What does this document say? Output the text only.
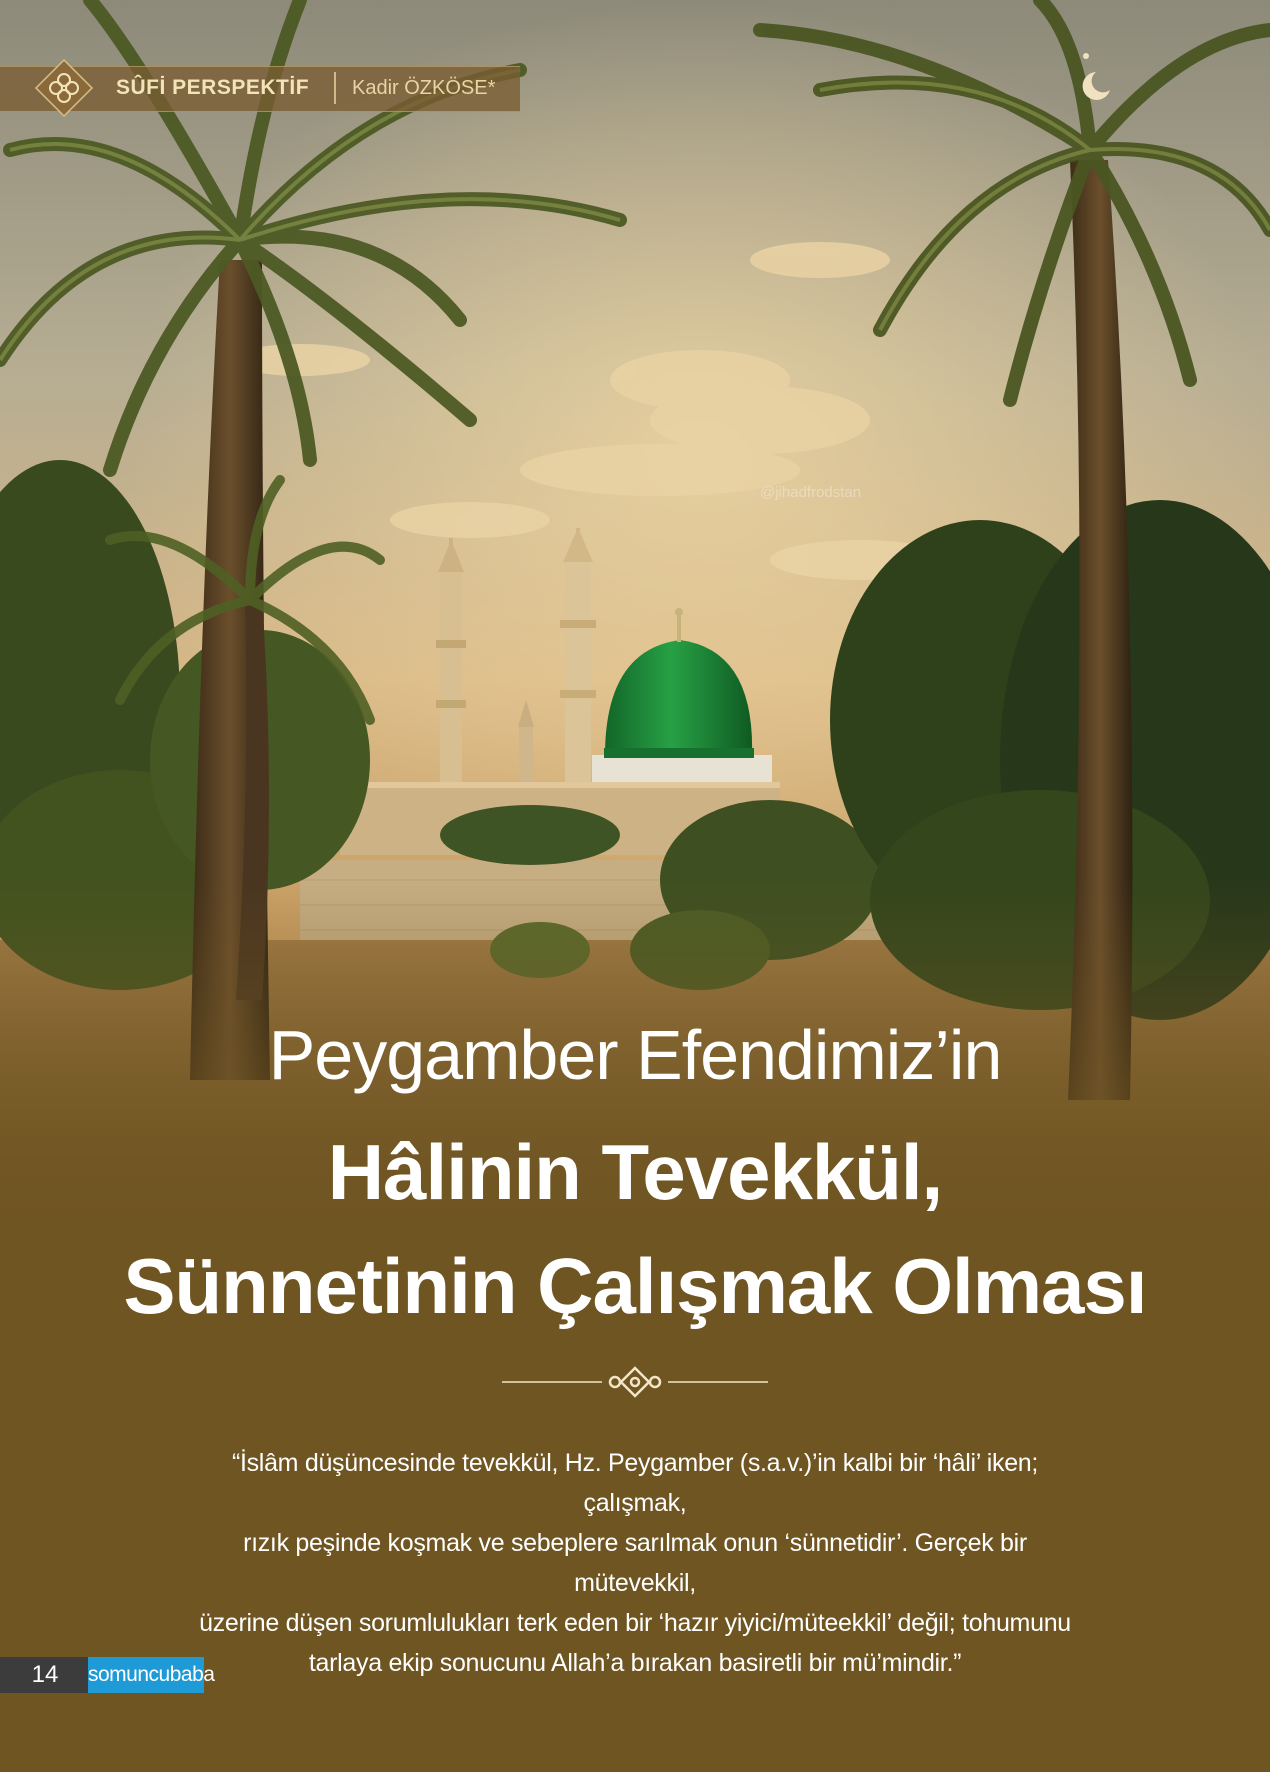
SÛFİ PERSPEKTİF Kadir ÖZKÖSE*
@jihadfrodstan
Peygamber Efendimiz’in
Hâlinin Tevekkül,
Sünnetinin Çalışmak Olması
“İslâm düşüncesinde tevekkül, Hz. Peygamber (s.a.v.)’in kalbi bir ‘hâli’ iken; çalışmak,
rızık peşinde koşmak ve sebeplere sarılmak onun ‘sünnetidir’. Gerçek bir mütevekkil,
üzerine düşen sorumlulukları terk eden bir ‘hazır yiyici/müteekkil’ değil; tohumunu
tarlaya ekip sonucunu Allah’a bırakan basiretli bir mü’mindir.”
14	somuncubaba
